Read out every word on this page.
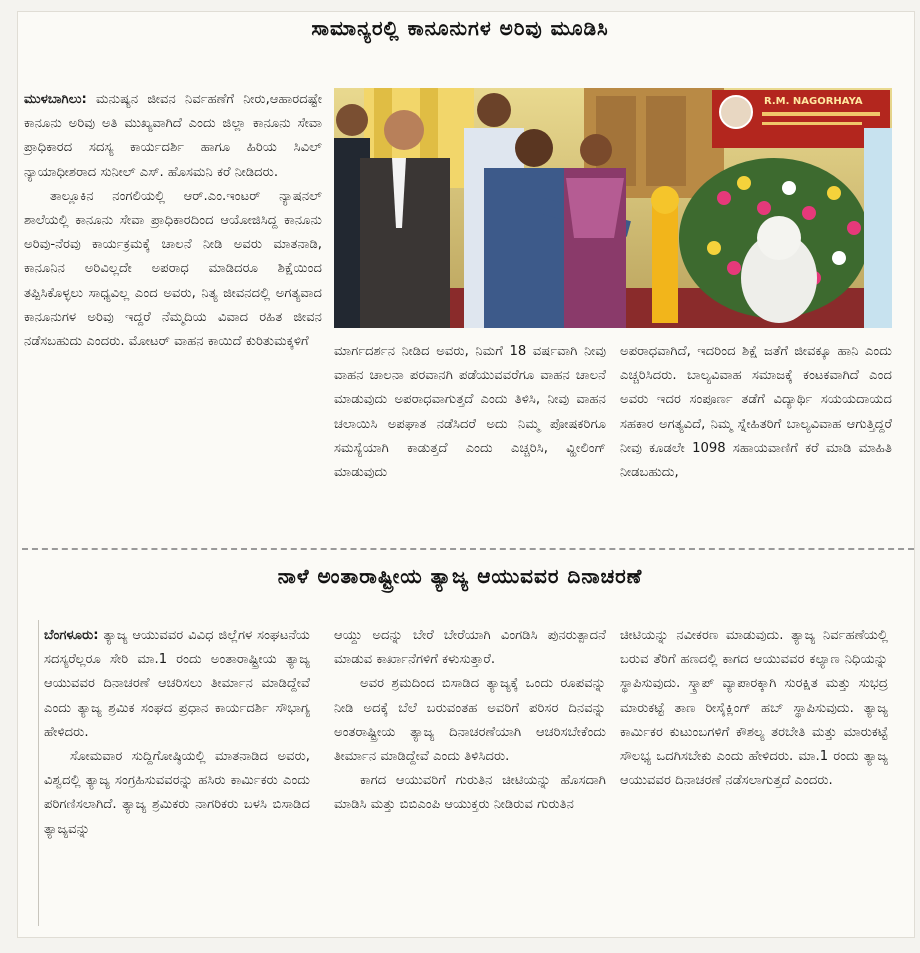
ಸಾಮಾನ್ಯರಲ್ಲಿ ಕಾನೂನುಗಳ ಅರಿವು ಮೂಡಿಸಿ

ಮುಳಬಾಗಿಲು: ಮನುಷ್ಯನ ಜೀವನ ನಿರ್ವಹಣೆಗೆ ನೀರು,ಆಹಾರದಷ್ಟೇ ಕಾನೂನು ಅರಿವು ಅತಿ ಮುಖ್ಯವಾಗಿದೆ ಎಂದು ಜಿಲ್ಲಾ ಕಾನೂನು ಸೇವಾ ಪ್ರಾಧಿಕಾರದ ಸದಸ್ಯ ಕಾರ್ಯದರ್ಶಿ ಹಾಗೂ ಹಿರಿಯ ಸಿವಿಲ್ ನ್ಯಾಯಾಧೀಶರಾದ ಸುನೀಲ್ ಎಸ್. ಹೊಸಮನಿ ಕರೆ ನೀಡಿದರು.

ತಾಲ್ಲೂಕಿನ ನಂಗಲಿಯಲ್ಲಿ ಆರ್.ಎಂ.ಇಂಟರ್ ನ್ಯಾಷನಲ್ ಶಾಲೆಯಲ್ಲಿ ಕಾನೂನು ಸೇವಾ ಪ್ರಾಧಿಕಾರದಿಂದ ಆಯೋಜಿಸಿದ್ದ ಕಾನೂನು ಅರಿವು-ನೆರವು ಕಾರ್ಯಕ್ರಮಕ್ಕೆ ಚಾಲನೆ ನೀಡಿ ಅವರು ಮಾತನಾಡಿ, ಕಾನೂನಿನ ಅರಿವಿಲ್ಲದೇ ಅಪರಾಧ ಮಾಡಿದರೂ ಶಿಕ್ಷೆಯಿಂದ ತಪ್ಪಿಸಿಕೊಳ್ಳಲು ಸಾಧ್ಯವಿಲ್ಲ ಎಂದ ಅವರು, ನಿತ್ಯ ಜೀವನದಲ್ಲಿ ಅಗತ್ಯವಾದ ಕಾನೂನುಗಳ ಅರಿವು ಇದ್ದರೆ ನೆಮ್ಮದಿಯ ವಿವಾದ ರಹಿತ ಜೀವನ ನಡೆಸಬಹುದು ಎಂದರು. ಮೋಟರ್ ವಾಹನ ಕಾಯಿದೆ ಕುರಿತುಮಕ್ಕಳಿಗೆ

R.M. NAGORHAYA

ಮಾರ್ಗದರ್ಶನ ನೀಡಿದ ಅವರು, ನಿಮಗೆ 18 ವರ್ಷವಾಗಿ ನೀವು ವಾಹನ ಚಾಲನಾ ಪರವಾನಗಿ ಪಡೆಯುವವರೆಗೂ ವಾಹನ ಚಾಲನೆ ಮಾಡುವುದು ಅಪರಾಧವಾಗುತ್ತದೆ ಎಂದು ತಿಳಿಸಿ, ನೀವು ವಾಹನ ಚಲಾಯಿಸಿ ಅಪಘಾತ ನಡೆಸಿದರೆ ಅದು ನಿಮ್ಮ ಪೋಷಕರಿಗೂ ಸಮಸ್ಯೆಯಾಗಿ ಕಾಡುತ್ತದೆ ಎಂದು ಎಚ್ಚರಿಸಿ, ವ್ಹೀಲಿಂಗ್ ಮಾಡುವುದು

ಅಪರಾಧವಾಗಿದೆ, ಇದರಿಂದ ಶಿಕ್ಷೆ ಜತೆಗೆ ಜೀವಕ್ಕೂ ಹಾನಿ ಎಂದು ಎಚ್ಚರಿಸಿದರು. ಬಾಲ್ಯವಿವಾಹ ಸಮಾಜಕ್ಕೆ ಕಂಟಕವಾಗಿದೆ ಎಂದ ಅವರು ಇದರ ಸಂಪೂರ್ಣ ತಡೆಗೆ ವಿದ್ಯಾರ್ಥಿ ಸಯಯದಾಯದ ಸಹಕಾರ ಅಗತ್ಯವಿದೆ, ನಿಮ್ಮ ಸ್ನೇಹಿತರಿಗೆ ಬಾಲ್ಯವಿವಾಹ ಆಗುತ್ತಿದ್ದರೆ ನೀವು ಕೂಡಲೇ 1098 ಸಹಾಯವಾಣಿಗೆ ಕರೆ ಮಾಡಿ ಮಾಹಿತಿ ನೀಡಬಹುದು,

ನಾಳೆ ಅಂತಾರಾಷ್ಟ್ರೀಯ ತ್ಯಾಜ್ಯ ಆಯುವವರ ದಿನಾಚರಣೆ

ಬೆಂಗಳೂರು: ತ್ಯಾಜ್ಯ ಆಯುವವರ ವಿವಿಧ ಜಿಲ್ಲೆಗಳ ಸಂಘಟನೆಯ ಸದಸ್ಯರೆಲ್ಲರೂ ಸೇರಿ ಮಾ.1 ರಂದು ಅಂತಾರಾಷ್ಟ್ರೀಯ ತ್ಯಾಜ್ಯ ಆಯುವವರ ದಿನಾಚರಣೆ ಆಚರಿಸಲು ತೀರ್ಮಾನ ಮಾಡಿದ್ದೇವೆ ಎಂದು ತ್ಯಾಜ್ಯ ಶ್ರಮಿಕ ಸಂಘದ ಪ್ರಧಾನ ಕಾರ್ಯದರ್ಶಿ ಸೌಭಾಗ್ಯ ಹೇಳಿದರು.

ಸೋಮವಾರ ಸುದ್ದಿಗೋಷ್ಠಿಯಲ್ಲಿ ಮಾತನಾಡಿದ ಅವರು, ವಿಶ್ವದಲ್ಲಿ ತ್ಯಾಜ್ಯ ಸಂಗ್ರಹಿಸುವವರನ್ನು ಹಸಿರು ಕಾರ್ಮಿಕರು ಎಂದು ಪರಿಗಣಿಸಲಾಗಿದೆ. ತ್ಯಾಜ್ಯ ಶ್ರಮಿಕರು ನಾಗರಿಕರು ಬಳಸಿ ಬಿಸಾಡಿದ ತ್ಯಾಜ್ಯವನ್ನು

ಆಯ್ದು ಅದನ್ನು ಬೇರೆ ಬೇರೆಯಾಗಿ ವಿಂಗಡಿಸಿ ಪುನರುತ್ಪಾದನೆ ಮಾಡುವ ಕಾರ್ಖಾನೆಗಳಿಗೆ ಕಳುಸುತ್ತಾರೆ.

ಅವರ ಶ್ರಮದಿಂದ ಬಿಸಾಡಿದ ತ್ಯಾಜ್ಯಕ್ಕೆ ಒಂದು ರೂಪವನ್ನು ನೀಡಿ ಅದಕ್ಕೆ ಬೆಲೆ ಬರುವಂತಹ ಅವರಿಗೆ ಪರಿಸರ ದಿನವನ್ನು ಅಂತರಾಷ್ಟ್ರೀಯ ತ್ಯಾಜ್ಯ ದಿನಾಚರಣೆಯಾಗಿ ಆಚರಿಸಬೇಕೆಂದು ತೀರ್ಮಾನ ಮಾಡಿದ್ದೇವೆ ಎಂದು ತಿಳಿಸಿದರು.

ಕಾಗದ ಆಯುವರಿಗೆ ಗುರುತಿನ ಚೀಟಿಯನ್ನು ಹೊಸದಾಗಿ ಮಾಡಿಸಿ ಮತ್ತು ಬಿಬಿಎಂಪಿ ಆಯುಕ್ತರು ನೀಡಿರುವ ಗುರುತಿನ

ಚೀಟಿಯನ್ನು ನವೀಕರಣ ಮಾಡುವುದು. ತ್ಯಾಜ್ಯ ನಿರ್ವಹಣೆಯಲ್ಲಿ ಬರುವ ತೆರಿಗೆ ಹಣದಲ್ಲಿ ಕಾಗದ ಆಯುವವರ ಕಲ್ಯಾಣ ನಿಧಿಯನ್ನು ಸ್ಥಾಪಿಸುವುದು. ಸ್ಕ್ರಾಪ್ ವ್ಯಾಪಾರಕ್ಕಾಗಿ ಸುರಕ್ಷಿತ ಮತ್ತು ಸುಭದ್ರ ಮಾರುಕಟ್ಟೆ ತಾಣ ರೀಸೈಕ್ಲಿಂಗ್ ಹಬ್ ಸ್ಥಾಪಿಸುವುದು. ತ್ಯಾಜ್ಯ ಕಾರ್ಮಿಕರ ಕುಟುಂಬಗಳಿಗೆ ಕೌಶಲ್ಯ ತರಬೇತಿ ಮತ್ತು ಮಾರುಕಟ್ಟೆ ಸೌಲಭ್ಯ ಒದಗಿಸಬೇಕು ಎಂದು ಹೇಳಿದರು. ಮಾ.1 ರಂದು ತ್ಯಾಜ್ಯ ಆಯುವವರ ದಿನಾಚರಣೆ ನಡೆಸಲಾಗುತ್ತದೆ ಎಂದರು.
